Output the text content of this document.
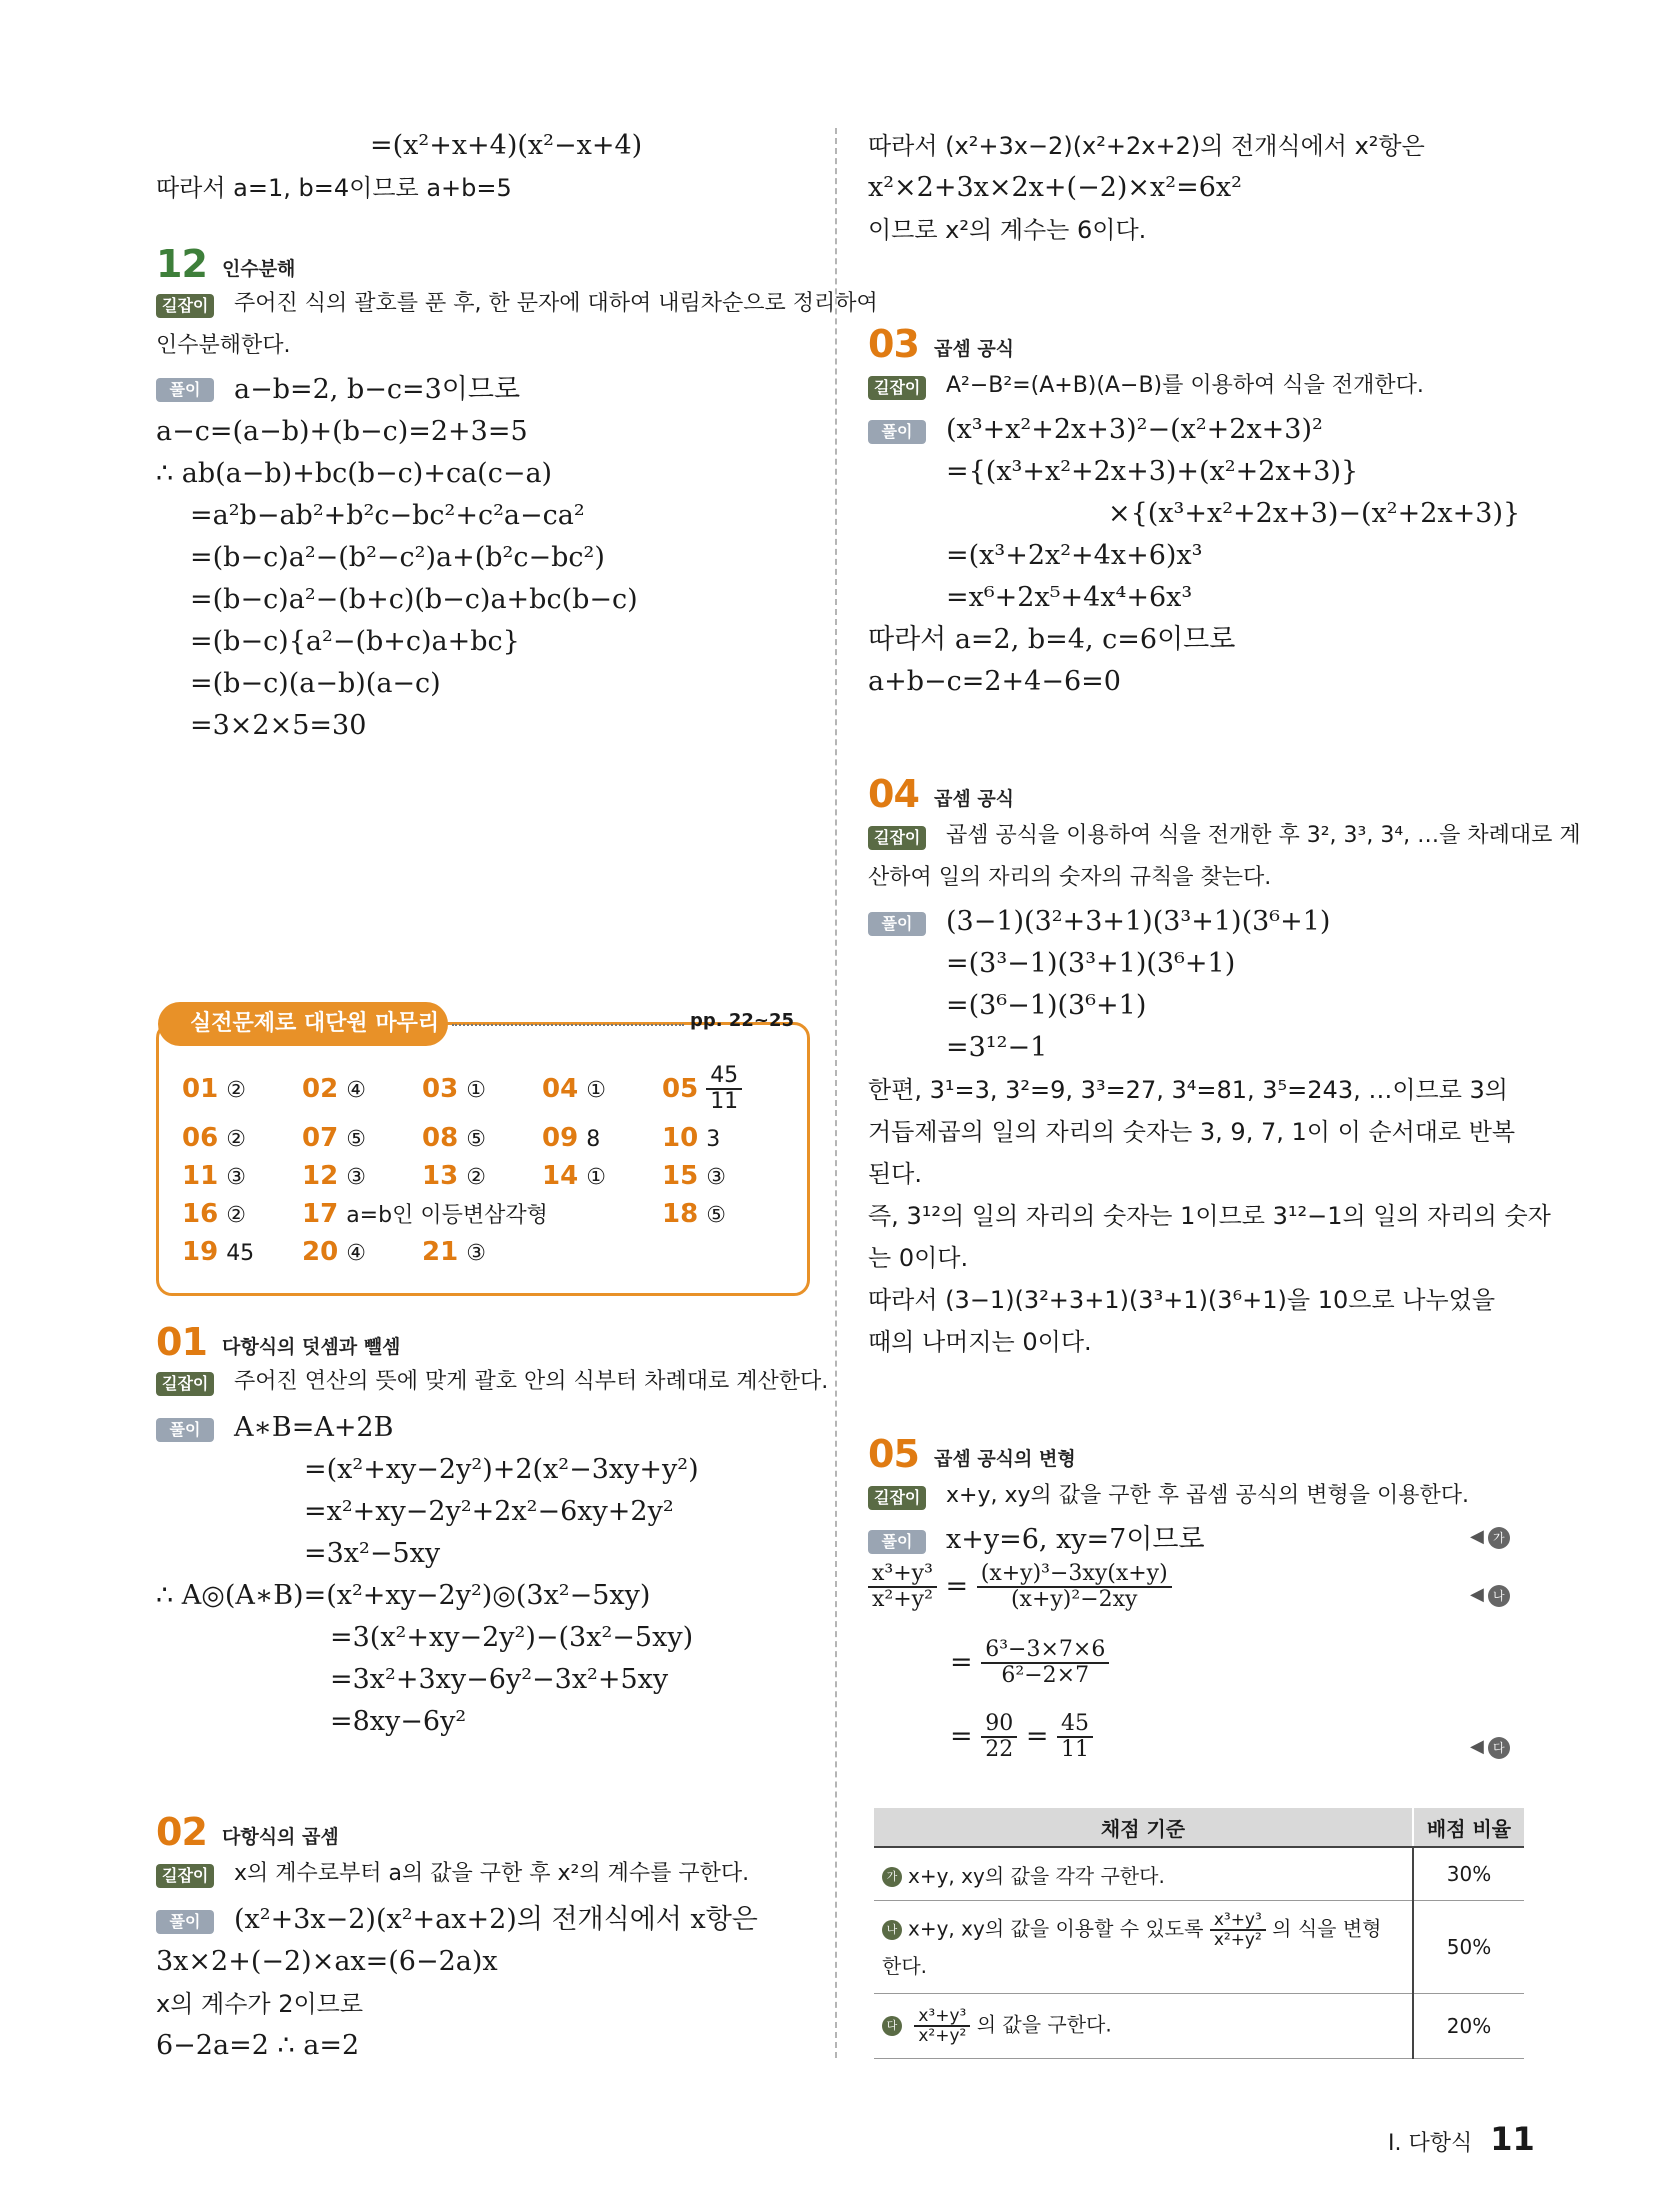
=(x²+x+4)(x²−x+4)
따라서 a=1, b=4이므로 a+b=5
12 인수분해
길잡이 주어진 식의 괄호를 푼 후, 한 문자에 대하여 내림차순으로 정리하여
인수분해한다.
풀이	a−b=2, b−c=3이므로
a−c=(a−b)+(b−c)=2+3=5
∴ ab(a−b)+bc(b−c)+ca(c−a)
=a²b−ab²+b²c−bc²+c²a−ca²
=(b−c)a²−(b²−c²)a+(b²c−bc²)
=(b−c)a²−(b+c)(b−c)a+bc(b−c)
=(b−c){a²−(b+c)a+bc}
=(b−c)(a−b)(a−c)
=3×2×5=30
실전문제로 대단원 마무리	pp. 22~25
01 ② 02 ④ 03 ① 04 ① $05 \frac{45}{11}$
06 ② 07 ⑤ 08 ⑤ 09 8 10 3
11 ③ 12 ③ 13 ② 14 ① 15 ③
16 ② 17 a=b인 이등변삼각형	18 ⑤
19 45 20 ④ 21 ③
01 다항식의 덧셈과 뺄셈
길잡이 주어진 연산의 뜻에 맞게 괄호 안의 식부터 차례대로 계산한다.
풀이	A∗B=A+2B
=(x²+xy−2y²)+2(x²−3xy+y²)
=x²+xy−2y²+2x²−6xy+2y²
=3x²−5xy
∴ A◎(A∗B)=(x²+xy−2y²)◎(3x²−5xy)
=3(x²+xy−2y²)−(3x²−5xy)
=3x²+3xy−6y²−3x²+5xy
=8xy−6y²
02 다항식의 곱셈
길잡이 x의 계수로부터 a의 값을 구한 후 x²의 계수를 구한다.
풀이	(x²+3x−2)(x²+ax+2)의 전개식에서 x항은
3x×2+(−2)×ax=(6−2a)x
x의 계수가 2이므로
6−2a=2 ∴ a=2
따라서 (x²+3x−2)(x²+2x+2)의 전개식에서 x²항은
x²×2+3x×2x+(−2)×x²=6x²
이므로 x²의 계수는 6이다.
03 곱셈 공식
길잡이 A²−B²=(A+B)(A−B)를 이용하여 식을 전개한다.
풀이	(x³+x²+2x+3)²−(x²+2x+3)²
={(x³+x²+2x+3)+(x²+2x+3)}
×{(x³+x²+2x+3)−(x²+2x+3)}
=(x³+2x²+4x+6)x³
=x⁶+2x⁵+4x⁴+6x³
따라서 a=2, b=4, c=6이므로
a+b−c=2+4−6=0
04 곱셈 공식
길잡이 곱셈 공식을 이용하여 식을 전개한 후 3², 3³, 3⁴, …을 차례대로 계
산하여 일의 자리의 숫자의 규칙을 찾는다.
풀이	(3−1)(3²+3+1)(3³+1)(3⁶+1)
=(3³−1)(3³+1)(3⁶+1)
=(3⁶−1)(3⁶+1)
=3¹²−1
한편, 3¹=3, 3²=9, 3³=27, 3⁴=81, 3⁵=243, …이므로 3의
거듭제곱의 일의 자리의 숫자는 3, 9, 7, 1이 이 순서대로 반복
된다.
즉, 3¹²의 일의 자리의 숫자는 1이므로 3¹²−1의 일의 자리의 숫자
는 0이다.
따라서 (3−1)(3²+3+1)(3³+1)(3⁶+1)을 10으로 나누었을
때의 나머지는 0이다.
05 곱셈 공식의 변형
길잡이 x+y, xy의 값을 구한 후 곱셈 공식의 변형을 이용한다.
풀이	x+y=6, xy=7이므로	◀ 가
$\frac{\text{x³+y³}}{\text{x²+y²}} = \frac{\text{(x+y)³−3xy(x+y)}}{\text{(x+y)²−2xy}}$	◀ 나
= $\frac{\text{6³−3×7×6}}{\text{6²−2×7}}$
= $\frac{90}{22} = \frac{45}{11}$	◀ 다
채점 기준	배점 비율
가 x+y, xy의 값을 각각 구한다.	30%
나 x+y, xy의 값을 이용할 수 있도록 $\frac{\text{x³+y³}}{\text{x²+y²}}$ 의 식을 변형
한다.	50%
다 $\frac{\text{x³+y³}}{\text{x²+y²}}$ 의 값을 구한다.	20%
I. 다항식 11
